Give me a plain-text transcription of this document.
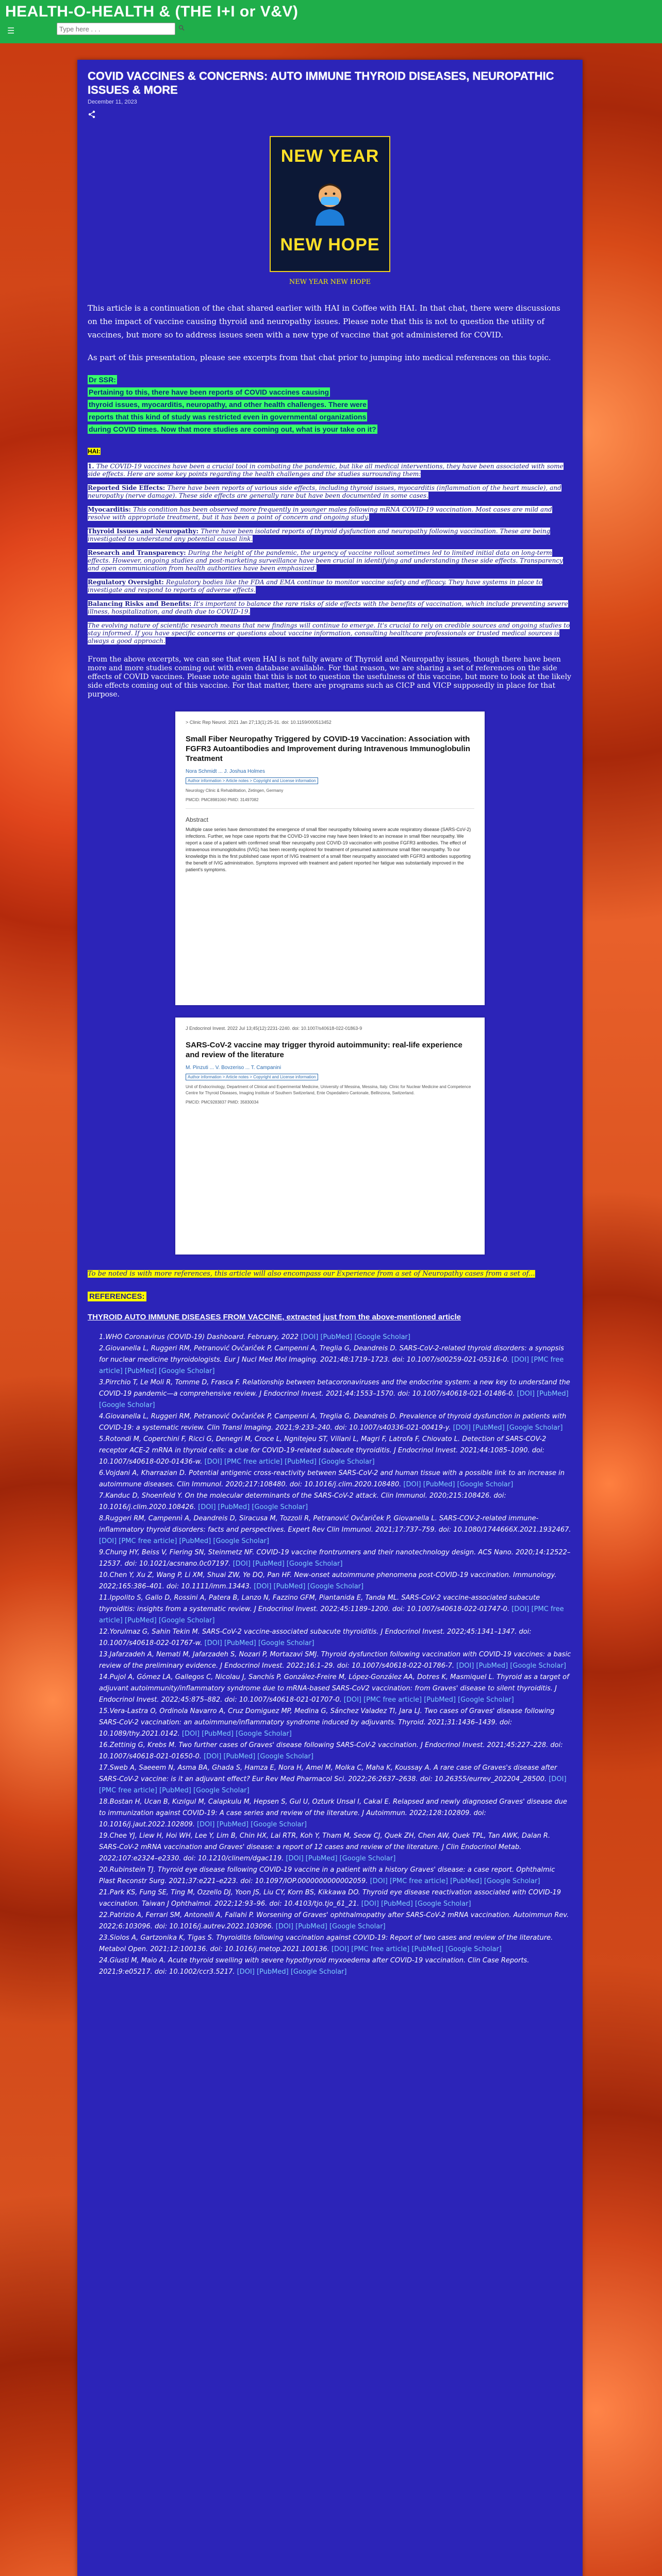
HEALTH-O-HEALTH & (THE I+I or V&V)
☰
Type here . . .
COVID VACCINES & CONCERNS: AUTO IMMUNE THYROID DISEASES, NEUROPATHIC ISSUES & MORE
December 11, 2023
NEW YEAR
NEW HOPE
NEW YEAR NEW HOPE

This article is a continuation of the chat shared earlier with HAI in Coffee with HAI. In that chat, there were discussions on the impact of vaccine causing thyroid and neuropathy issues. Please note that this is not to question the utility of vaccines, but more so to address issues seen with a new type of vaccine that got administered for COVID.

As part of this presentation, please see excerpts from that chat prior to jumping into medical references on this topic.

Dr SSR:
Pertaining to this, there have been reports of COVID vaccines causing
thyroid issues, myocarditis, neuropathy, and other health challenges. There were
reports that this kind of study was restricted even in governmental organizations
during COVID times. Now that more studies are coming out, what is your take on it?
HAI:
1. The COVID-19 vaccines have been a crucial tool in combating the pandemic, but like all medical interventions, they have been associated with some side effects. Here are some key points regarding the health challenges and the studies surrounding them:
Reported Side Effects: There have been reports of various side effects, including thyroid issues, myocarditis (inflammation of the heart muscle), and neuropathy (nerve damage). These side effects are generally rare but have been documented in some cases.
Myocarditis: This condition has been observed more frequently in younger males following mRNA COVID-19 vaccination. Most cases are mild and resolve with appropriate treatment, but it has been a point of concern and ongoing study.
Thyroid Issues and Neuropathy: There have been isolated reports of thyroid dysfunction and neuropathy following vaccination. These are being investigated to understand any potential causal link.
Research and Transparency: During the height of the pandemic, the urgency of vaccine rollout sometimes led to limited initial data on long-term effects. However, ongoing studies and post-marketing surveillance have been crucial in identifying and understanding these side effects. Transparency and open communication from health authorities have been emphasized.
Regulatory Oversight: Regulatory bodies like the FDA and EMA continue to monitor vaccine safety and efficacy. They have systems in place to investigate and respond to reports of adverse effects.
Balancing Risks and Benefits: It's important to balance the rare risks of side effects with the benefits of vaccination, which include preventing severe illness, hospitalization, and death due to COVID-19.
The evolving nature of scientific research means that new findings will continue to emerge. It's crucial to rely on credible sources and ongoing studies to stay informed. If you have specific concerns or questions about vaccine information, consulting healthcare professionals or trusted medical sources is always a good approach.

From the above excerpts, we can see that even HAI is not fully aware of Thyroid and Neuropathy issues, though there have been more and more studies coming out with even database available. For that reason, we are sharing a set of references on the side effects of COVID vaccines. Please note again that this is not to question the usefulness of this vaccine, but more to look at the likely side effects coming out of this vaccine. For that matter, there are programs such as CICP and VICP supposedly in place for that purpose.

> Clinic Rep Neurol. 2021 Jan 27;13(1):25-31. doi: 10.1159/000513452
Small Fiber Neuropathy Triggered by COVID-19 Vaccination: Association with FGFR3 Autoantibodies and Improvement during Intravenous Immunoglobulin Treatment
Nora Schmidt ... J. Joshua Holmes
Author information > Article notes > Copyright and License information
Neurology Clinic & Rehabilitation, Zetingen, Germany
PMCID: PMC8981060 PMID: 31497082
Abstract
Multiple case series have demonstrated the emergence of small fiber neuropathy following severe acute respiratory disease (SARS-CoV-2) infections. Further, we hope case reports that the COVID-19 vaccine may have been linked to an increase in small fiber neuropathy. We report a case of a patient with confirmed small fiber neuropathy post COVID-19 vaccination with positive FGFR3 antibodies. The effect of intravenous immunoglobulins (IVIG) has been recently explored for treatment of presumed autoimmune small fiber neuropathy. To our knowledge this is the first published case report of IVIG treatment of a small fiber neuropathy associated with FGFR3 antibodies supporting the benefit of IVIG administration. Symptoms improved with treatment and patient reported her fatigue was substantially improved in the patient's symptoms.
J Endocrinol Invest. 2022 Jul 13;45(12):2231-2240. doi: 10.1007/s40618-022-01863-9
SARS-CoV-2 vaccine may trigger thyroid autoimmunity: real-life experience and review of the literature
M. Pinzuti ... V. Bovzeriso ... T. Campanini
Author information > Article notes > Copyright and License information
Unit of Endocrinology, Department of Clinical and Experimental Medicine, University of Messina, Messina, Italy. Clinic for Nuclear Medicine and Competence Centre for Thyroid Diseases, Imaging Institute of Southern Switzerland, Ente Ospedaliero Cantonale, Bellinzona, Switzerland.
PMCID: PMC9283837 PMID: 35830034
To be noted is with more references, this article will also encompass our Experience from a set of Neuropathy cases from a set of...
REFERENCES:
THYROID AUTO IMMUNE DISEASES FROM VACCINE, extracted just from the above-mentioned article
1.WHO Coronavirus (COVID-19) Dashboard. February, 2022 [DOI] [PubMed] [Google Scholar]
2.Giovanella L, Ruggeri RM, Petranović Ovčariček P, Campenni A, Treglia G, Deandreis D. SARS-CoV-2-related thyroid disorders: a synopsis for nuclear medicine thyroidologists. Eur J Nucl Med Mol Imaging. 2021;48:1719–1723. doi: 10.1007/s00259-021-05316-0. [DOI] [PMC free article] [PubMed] [Google Scholar]
3.Pirrchio T, Le Moli R, Tomme D, Frasca F. Relationship between betacoronaviruses and the endocrine system: a new key to understand the COVID-19 pandemic—a comprehensive review. J Endocrinol Invest. 2021;44:1553–1570. doi: 10.1007/s40618-021-01486-0. [DOI] [PubMed] [Google Scholar]
4.Giovanella L, Ruggeri RM, Petranović Ovčariček P, Campenni A, Treglia G, Deandreis D. Prevalence of thyroid dysfunction in patients with COVID-19: a systematic review. Clin Transl Imaging. 2021;9:233–240. doi: 10.1007/s40336-021-00419-y. [DOI] [PubMed] [Google Scholar]
5.Rotondi M, Coperchini F, Ricci G, Denegri M, Croce L, Ngnitejeu ST, Villani L, Magri F, Latrofa F, Chiovato L. Detection of SARS-COV-2 receptor ACE-2 mRNA in thyroid cells: a clue for COVID-19-related subacute thyroiditis. J Endocrinol Invest. 2021;44:1085–1090. doi: 10.1007/s40618-020-01436-w. [DOI] [PMC free article] [PubMed] [Google Scholar]
6.Vojdani A, Kharrazian D. Potential antigenic cross-reactivity between SARS-CoV-2 and human tissue with a possible link to an increase in autoimmune diseases. Clin Immunol. 2020;217:108480. doi: 10.1016/j.clim.2020.108480. [DOI] [PubMed] [Google Scholar]
7.Kanduc D, Shoenfeld Y. On the molecular determinants of the SARS-CoV-2 attack. Clin Immunol. 2020;215:108426. doi: 10.1016/j.clim.2020.108426. [DOI] [PubMed] [Google Scholar]
8.Ruggeri RM, Campennì A, Deandreis D, Siracusa M, Tozzoli R, Petranović Ovčariček P, Giovanella L. SARS-COV-2-related immune-inflammatory thyroid disorders: facts and perspectives. Expert Rev Clin Immunol. 2021;17:737–759. doi: 10.1080/1744666X.2021.1932467. [DOI] [PMC free article] [PubMed] [Google Scholar]
9.Chung HY, Beiss V, Fiering SN, Steinmetz NF. COVID-19 vaccine frontrunners and their nanotechnology design. ACS Nano. 2020;14:12522–12537. doi: 10.1021/acsnano.0c07197. [DOI] [PubMed] [Google Scholar]
10.Chen Y, Xu Z, Wang P, Li XM, Shuai ZW, Ye DQ, Pan HF. New-onset autoimmune phenomena post-COVID-19 vaccination. Immunology. 2022;165:386–401. doi: 10.1111/imm.13443. [DOI] [PubMed] [Google Scholar]
11.Ippolito S, Gallo D, Rossini A, Patera B, Lanzo N, Fazzino GFM, Piantanida E, Tanda ML. SARS-CoV-2 vaccine-associated subacute thyroiditis: insights from a systematic review. J Endocrinol Invest. 2022;45:1189–1200. doi: 10.1007/s40618-022-01747-0. [DOI] [PMC free article] [PubMed] [Google Scholar]
12.Yorulmaz G, Sahin Tekin M. SARS-CoV-2 vaccine-associated subacute thyroiditis. J Endocrinol Invest. 2022;45:1341–1347. doi: 10.1007/s40618-022-01767-w. [DOI] [PubMed] [Google Scholar]
13.Jafarzadeh A, Nemati M, Jafarzadeh S, Nozari P, Mortazavi SMJ. Thyroid dysfunction following vaccination with COVID-19 vaccines: a basic review of the preliminary evidence. J Endocrinol Invest. 2022;16:1–29. doi: 10.1007/s40618-022-01786-7. [DOI] [PubMed] [Google Scholar]
14.Pujol A, Gómez LA, Gallegos C, Nicolau J, Sanchís P, González-Freire M, López-González AA, Dotres K, Masmiquel L. Thyroid as a target of adjuvant autoimmunity/inflammatory syndrome due to mRNA-based SARS-CoV2 vaccination: from Graves' disease to silent thyroiditis. J Endocrinol Invest. 2022;45:875–882. doi: 10.1007/s40618-021-01707-0. [DOI] [PMC free article] [PubMed] [Google Scholar]
15.Vera-Lastra O, Ordinola Navarro A, Cruz Domiguez MP, Medina G, Sánchez Valadez TI, Jara LJ. Two cases of Graves' disease following SARS-CoV-2 vaccination: an autoimmune/inflammatory syndrome induced by adjuvants. Thyroid. 2021;31:1436–1439. doi: 10.1089/thy.2021.0142. [DOI] [PubMed] [Google Scholar]
16.Zettinig G, Krebs M. Two further cases of Graves' disease following SARS-CoV-2 vaccination. J Endocrinol Invest. 2021;45:227–228. doi: 10.1007/s40618-021-01650-0. [DOI] [PubMed] [Google Scholar]
17.Sweb A, Saeeem N, Asma BA, Ghada S, Hamza E, Nora H, Amel M, Molka C, Maha K, Koussay A. A rare case of Graves's disease after SARS-CoV-2 vaccine: is it an adjuvant effect? Eur Rev Med Pharmacol Sci. 2022;26:2637–2638. doi: 10.26355/eurrev_202204_28500. [DOI] [PMC free article] [PubMed] [Google Scholar]
18.Bostan H, Ucan B, Kızılgul M, Calapkulu M, Hepsen S, Gul U, Ozturk Unsal I, Cakal E. Relapsed and newly diagnosed Graves' disease due to immunization against COVID-19: A case series and review of the literature. J Autoimmun. 2022;128:102809. doi: 10.1016/j.jaut.2022.102809. [DOI] [PubMed] [Google Scholar]
19.Chee YJ, Liew H, Hoi WH, Lee Y, Lim B, Chin HX, Lai RTR, Koh Y, Tham M, Seow CJ, Quek ZH, Chen AW, Quek TPL, Tan AWK, Dalan R. SARS-CoV-2 mRNA vaccination and Graves' disease: a report of 12 cases and review of the literature. J Clin Endocrinol Metab. 2022;107:e2324–e2330. doi: 10.1210/clinem/dgac119. [DOI] [PubMed] [Google Scholar]
20.Rubinstein TJ. Thyroid eye disease following COVID-19 vaccine in a patient with a history Graves' disease: a case report. Ophthalmic Plast Reconstr Surg. 2021;37:e221–e223. doi: 10.1097/IOP.0000000000002059. [DOI] [PMC free article] [PubMed] [Google Scholar]
21.Park KS, Fung SE, Ting M, Ozzello DJ, Yoon JS, Liu CY, Korn BS, Kikkawa DO. Thyroid eye disease reactivation associated with COVID-19 vaccination. Taiwan J Ophthalmol. 2022;12:93–96. doi: 10.4103/tjo.tjo_61_21. [DOI] [PubMed] [Google Scholar]
22.Patrizio A, Ferrari SM, Antonelli A, Fallahi P. Worsening of Graves' ophthalmopathy after SARS-CoV-2 mRNA vaccination. Autoimmun Rev. 2022;6:103096. doi: 10.1016/j.autrev.2022.103096. [DOI] [PubMed] [Google Scholar]
23.Siolos A, Gartzonika K, Tigas S. Thyroiditis following vaccination against COVID-19: Report of two cases and review of the literature. Metabol Open. 2021;12:100136. doi: 10.1016/j.metop.2021.100136. [DOI] [PMC free article] [PubMed] [Google Scholar]
24.Giusti M, Maio A. Acute thyroid swelling with severe hypothyroid myxoedema after COVID-19 vaccination. Clin Case Reports. 2021;9:e05217. doi: 10.1002/ccr3.5217. [DOI] [PubMed] [Google Scholar]
